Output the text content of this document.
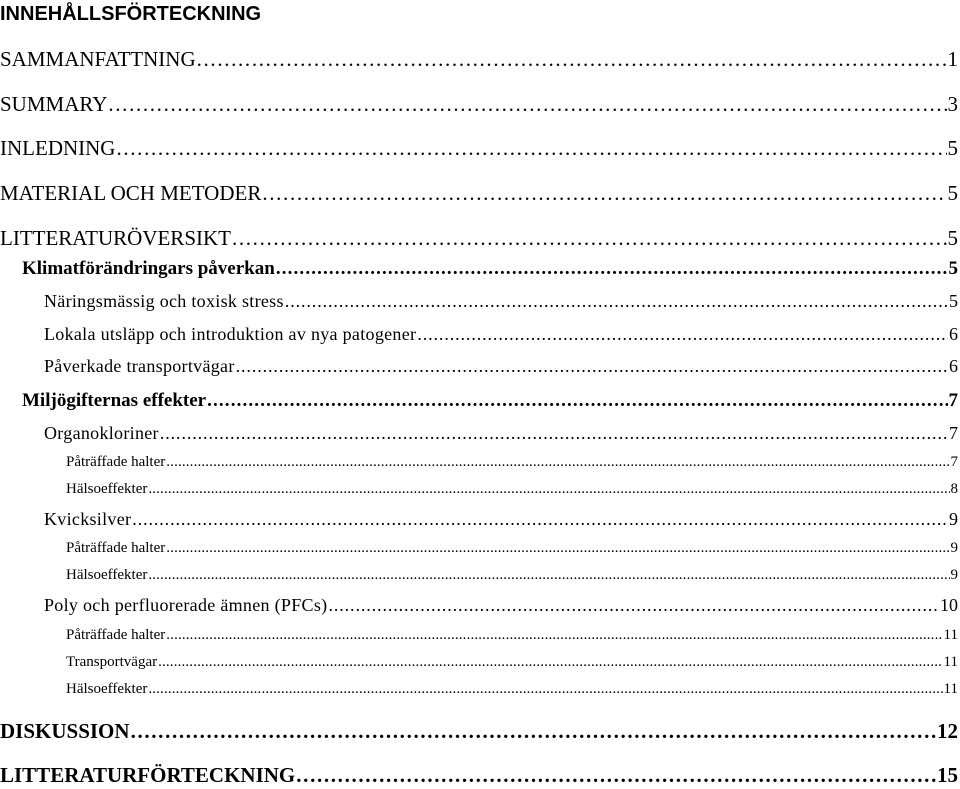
INNEHÅLLSFÖRTECKNING
SAMMANFATTNING . . .	1
SUMMARY . . .	3
INLEDNING . . .	5
MATERIAL OCH METODER . . .	5
LITTERATURÖVERSIKT . . .	5
Klimatförändringars påverkan . . .	5
Näringsmässig och toxisk stress . . .	5
Lokala utsläpp och introduktion av nya patogener . . .	6
Påverkade transportvägar . . .	6
Miljögifternas effekter . . .	7
Organokloriner . . .	7
Påträffade halter . . .	7
Hälsoeffekter . . .	8
Kvicksilver . . .	9
Påträffade halter . . .	9
Hälsoeffekter . . .	9
Poly och perfluorerade ämnen (PFCs) . . .	10
Påträffade halter . . .	11
Transportvägar . . .	11
Hälsoeffekter . . .	11
DISKUSSION . . .	12
LITTERATURFÖRTECKNING . . .	15
